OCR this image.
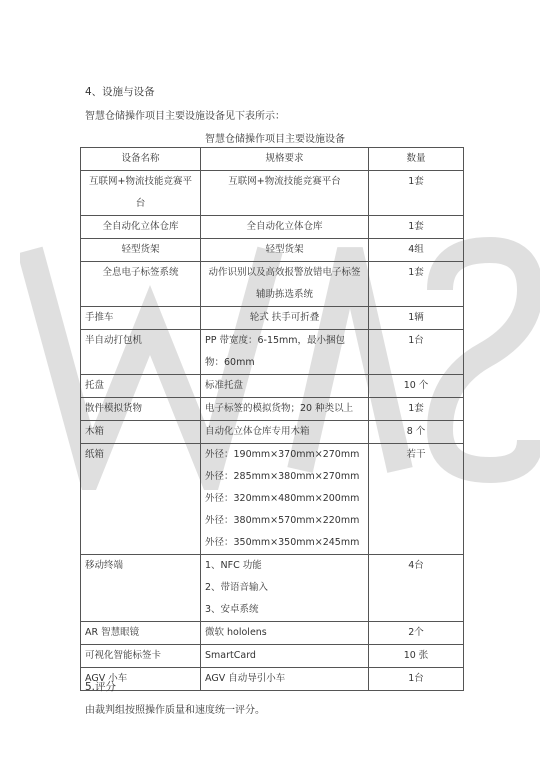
4、设施与设备
智慧仓储操作项目主要设施设备见下表所示：
智慧仓储操作项目主要设施设备
设备名称	规格要求	数量
互联网+物流技能竞赛平台	互联网+物流技能竞赛平台	1套
全自动化立体仓库	全自动化立体仓库	1套
轻型货架	轻型货架	4组
全息电子标签系统	动作识别以及高效报警放错电子标签辅助拣选系统	1套
手推车	轮式 扶手可折叠	1辆
半自动打包机	PP 带宽度：6-15mm，最小捆包物：60mm	1台
托盘	标准托盘	10 个
散件模拟货物	电子标签的模拟货物；20 种类以上	1套
木箱	自动化立体仓库专用木箱	8 个
纸箱	外径：190mm×370mm×270mm 外径：285mm×380mm×270mm 外径：320mm×480mm×200mm 外径：380mm×570mm×220mm 外径：350mm×350mm×245mm	若干
移动终端	1、NFC 功能
2、带语音输入
3、安卓系统	4台
AR 智慧眼镜	微软 hololens	2个
可视化智能标签卡	SmartCard	10 张
AGV 小车	AGV 自动导引小车	1台
5.评分
由裁判组按照操作质量和速度统一评分。
